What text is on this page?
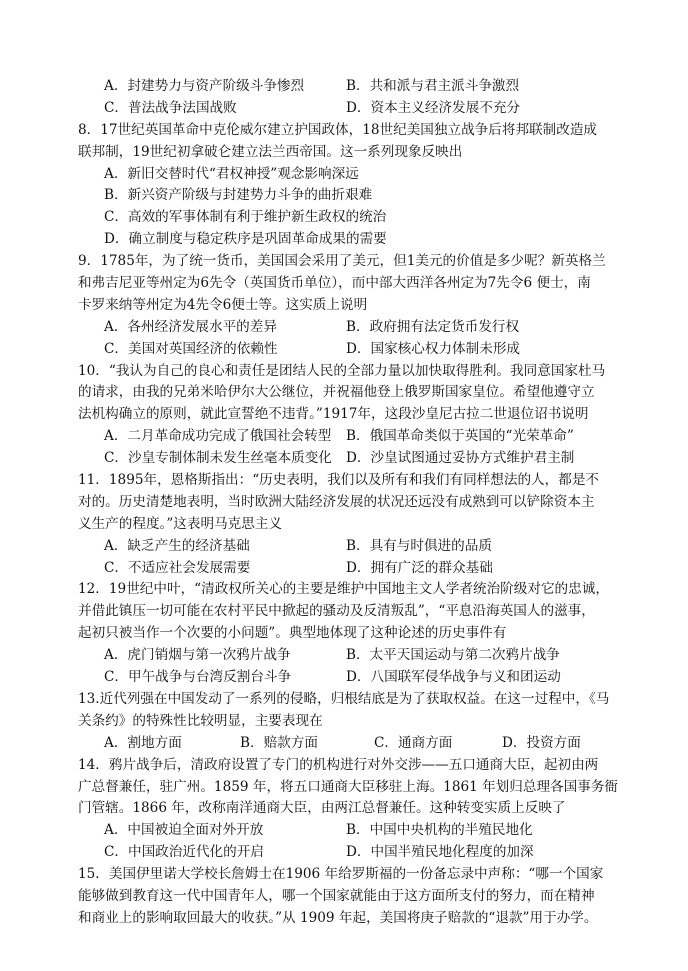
A．封建势力与资产阶级斗争惨烈	B．共和派与君主派斗争激烈
C．普法战争法国战败	D．资本主义经济发展不充分
8．17世纪英国革命中克伦威尔建立护国政体，18世纪美国独立战争后将邦联制改造成
联邦制，19世纪初拿破仑建立法兰西帝国。这一系列现象反映出
A．新旧交替时代“君权神授”观念影响深远
B．新兴资产阶级与封建势力斗争的曲折艰难
C．高效的军事体制有利于维护新生政权的统治
D．确立制度与稳定秩序是巩固革命成果的需要
9．1785年，为了统一货币，美国国会采用了美元，但1美元的价值是多少呢？新英格兰
和弗吉尼亚等州定为6先令（英国货币单位），而中部大西洋各州定为7先令6 便士，南
卡罗来纳等州定为4先令6便士等。这实质上说明
A．各州经济发展水平的差异	B．政府拥有法定货币发行权
C．美国对英国经济的依赖性	D．国家核心权力体制未形成
10．“我认为自己的良心和责任是团结人民的全部力量以加快取得胜利。我同意国家杜马
的请求，由我的兄弟米哈伊尔大公继位，并祝福他登上俄罗斯国家皇位。希望他遵守立
法机构确立的原则，就此宣誓绝不违背。”1917年，这段沙皇尼古拉二世退位诏书说明
A．二月革命成功完成了俄国社会转型 B．俄国革命类似于英国的“光荣革命”
C．沙皇专制体制未发生丝毫本质变化 D．沙皇试图通过妥协方式维护君主制
11．1895年，恩格斯指出：“历史表明，我们以及所有和我们有同样想法的人，都是不
对的。历史清楚地表明，当时欧洲大陆经济发展的状况还远没有成熟到可以铲除资本主
义生产的程度。”这表明马克思主义
A．缺乏产生的经济基础	B．具有与时俱进的品质
C．不适应社会发展需要	D．拥有广泛的群众基础
12．19世纪中叶，“清政权所关心的主要是维护中国地主文人学者统治阶级对它的忠诚，
并借此镇压一切可能在农村平民中掀起的骚动及反清叛乱”，“平息沿海英国人的滋事，
起初只被当作一个次要的小问题”。典型地体现了这种论述的历史事件有
A．虎门销烟与第一次鸦片战争	B．太平天国运动与第二次鸦片战争
C．甲午战争与台湾反割台斗争	D．八国联军侵华战争与义和团运动
13.近代列强在中国发动了一系列的侵略，归根结底是为了获取权益。在这一过程中，《马
关条约》的特殊性比较明显，主要表现在
A．割地方面	B．赔款方面	C．通商方面	D．投资方面
14．鸦片战争后，清政府设置了专门的机构进行对外交涉——五口通商大臣，起初由两
广总督兼任，驻广州。1859 年，将五口通商大臣移驻上海。1861 年划归总理各国事务衙
门管辖。1866 年，改称南洋通商大臣，由两江总督兼任。这种转变实质上反映了
A．中国被迫全面对外开放	B．中国中央机构的半殖民地化
C．中国政治近代化的开启	D．中国半殖民地化程度的加深
15．美国伊里诺大学校长詹姆士在1906 年给罗斯福的一份备忘录中声称：“哪一个国家
能够做到教育这一代中国青年人，哪一个国家就能由于这方面所支付的努力，而在精神
和商业上的影响取回最大的收获。”从 1909 年起，美国将庚子赔款的“退款”用于办学。
